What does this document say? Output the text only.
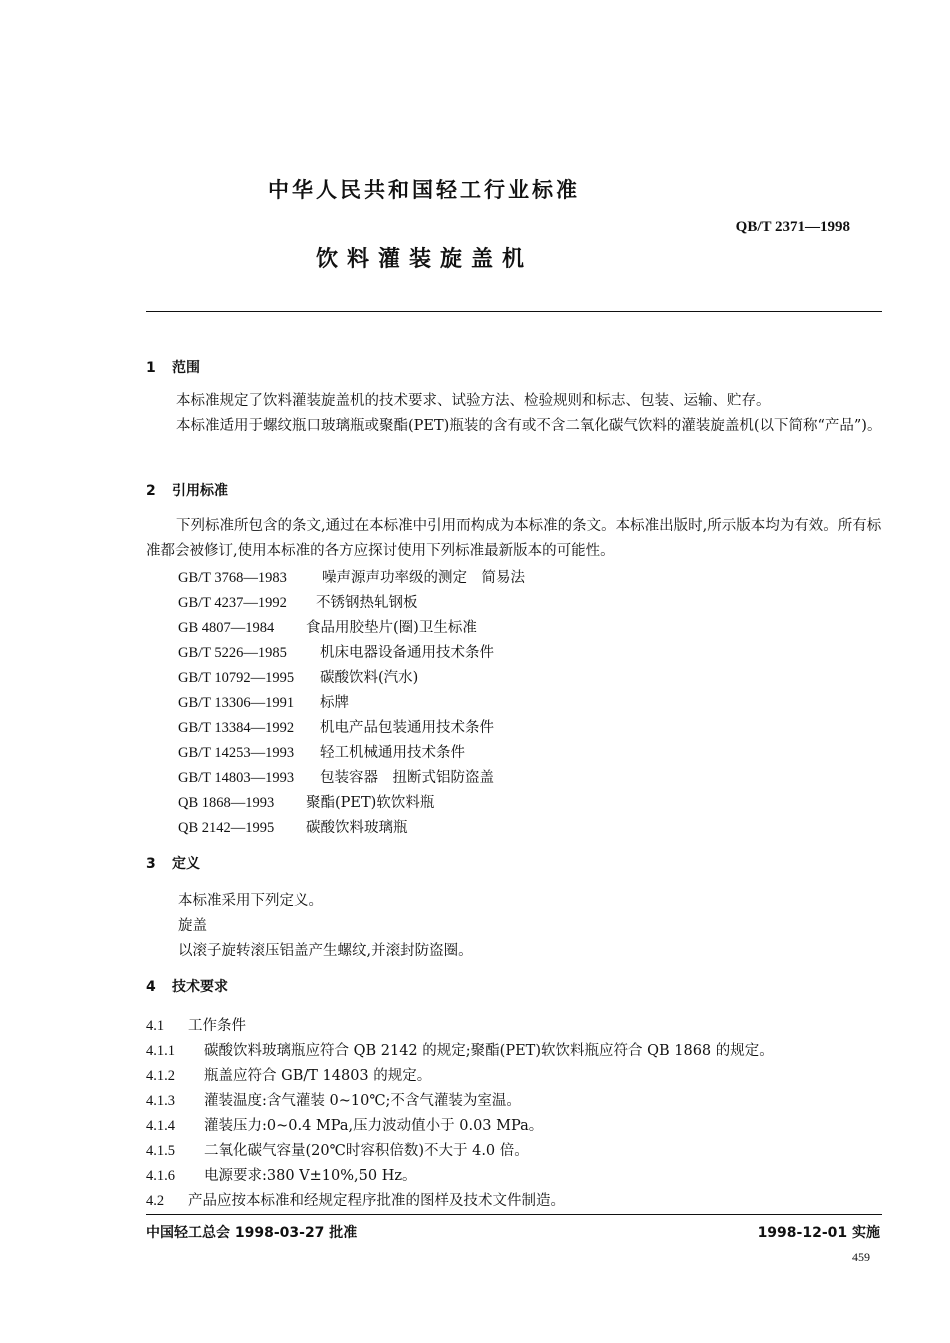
中华人民共和国轻工行业标准
QB/T 2371—1998
饮料灌装旋盖机
1 范围
本标准规定了饮料灌装旋盖机的技术要求、试验方法、检验规则和标志、包装、运输、贮存。
本标准适用于螺纹瓶口玻璃瓶或聚酯(PET)瓶装的含有或不含二氧化碳气饮料的灌装旋盖机(以下简称“产品”)。
2 引用标准
下列标准所包含的条文,通过在本标准中引用而构成为本标准的条文。本标准出版时,所示版本均为有效。所有标准都会被修订,使用本标准的各方应探讨使用下列标准最新版本的可能性。
GB/T 3768—1983 噪声源声功率级的测定　简易法
GB/T 4237—1992 不锈钢热轧钢板
GB 4807—1984 食品用胶垫片(圈)卫生标准
GB/T 5226—1985 机床电器设备通用技术条件
GB/T 10792—1995 碳酸饮料(汽水)
GB/T 13306—1991 标牌
GB/T 13384—1992 机电产品包装通用技术条件
GB/T 14253—1993 轻工机械通用技术条件
GB/T 14803—1993 包装容器　扭断式铝防盗盖
QB 1868—1993 聚酯(PET)软饮料瓶
QB 2142—1995 碳酸饮料玻璃瓶
3 定义
本标准采用下列定义。
旋盖
以滚子旋转滚压铝盖产生螺纹,并滚封防盗圈。
4 技术要求
4.1 工作条件
4.1.1 碳酸饮料玻璃瓶应符合 QB 2142 的规定;聚酯(PET)软饮料瓶应符合 QB 1868 的规定。
4.1.2 瓶盖应符合 GB/T 14803 的规定。
4.1.3 灌装温度:含气灌装 0~10℃;不含气灌装为室温。
4.1.4 灌装压力:0~0.4 MPa,压力波动值小于 0.03 MPa。
4.1.5 二氧化碳气容量(20℃时容积倍数)不大于 4.0 倍。
4.1.6 电源要求:380 V±10%,50 Hz。
4.2 产品应按本标准和经规定程序批准的图样及技术文件制造。
中国轻工总会 1998-03-27 批准	1998-12-01 实施
459
